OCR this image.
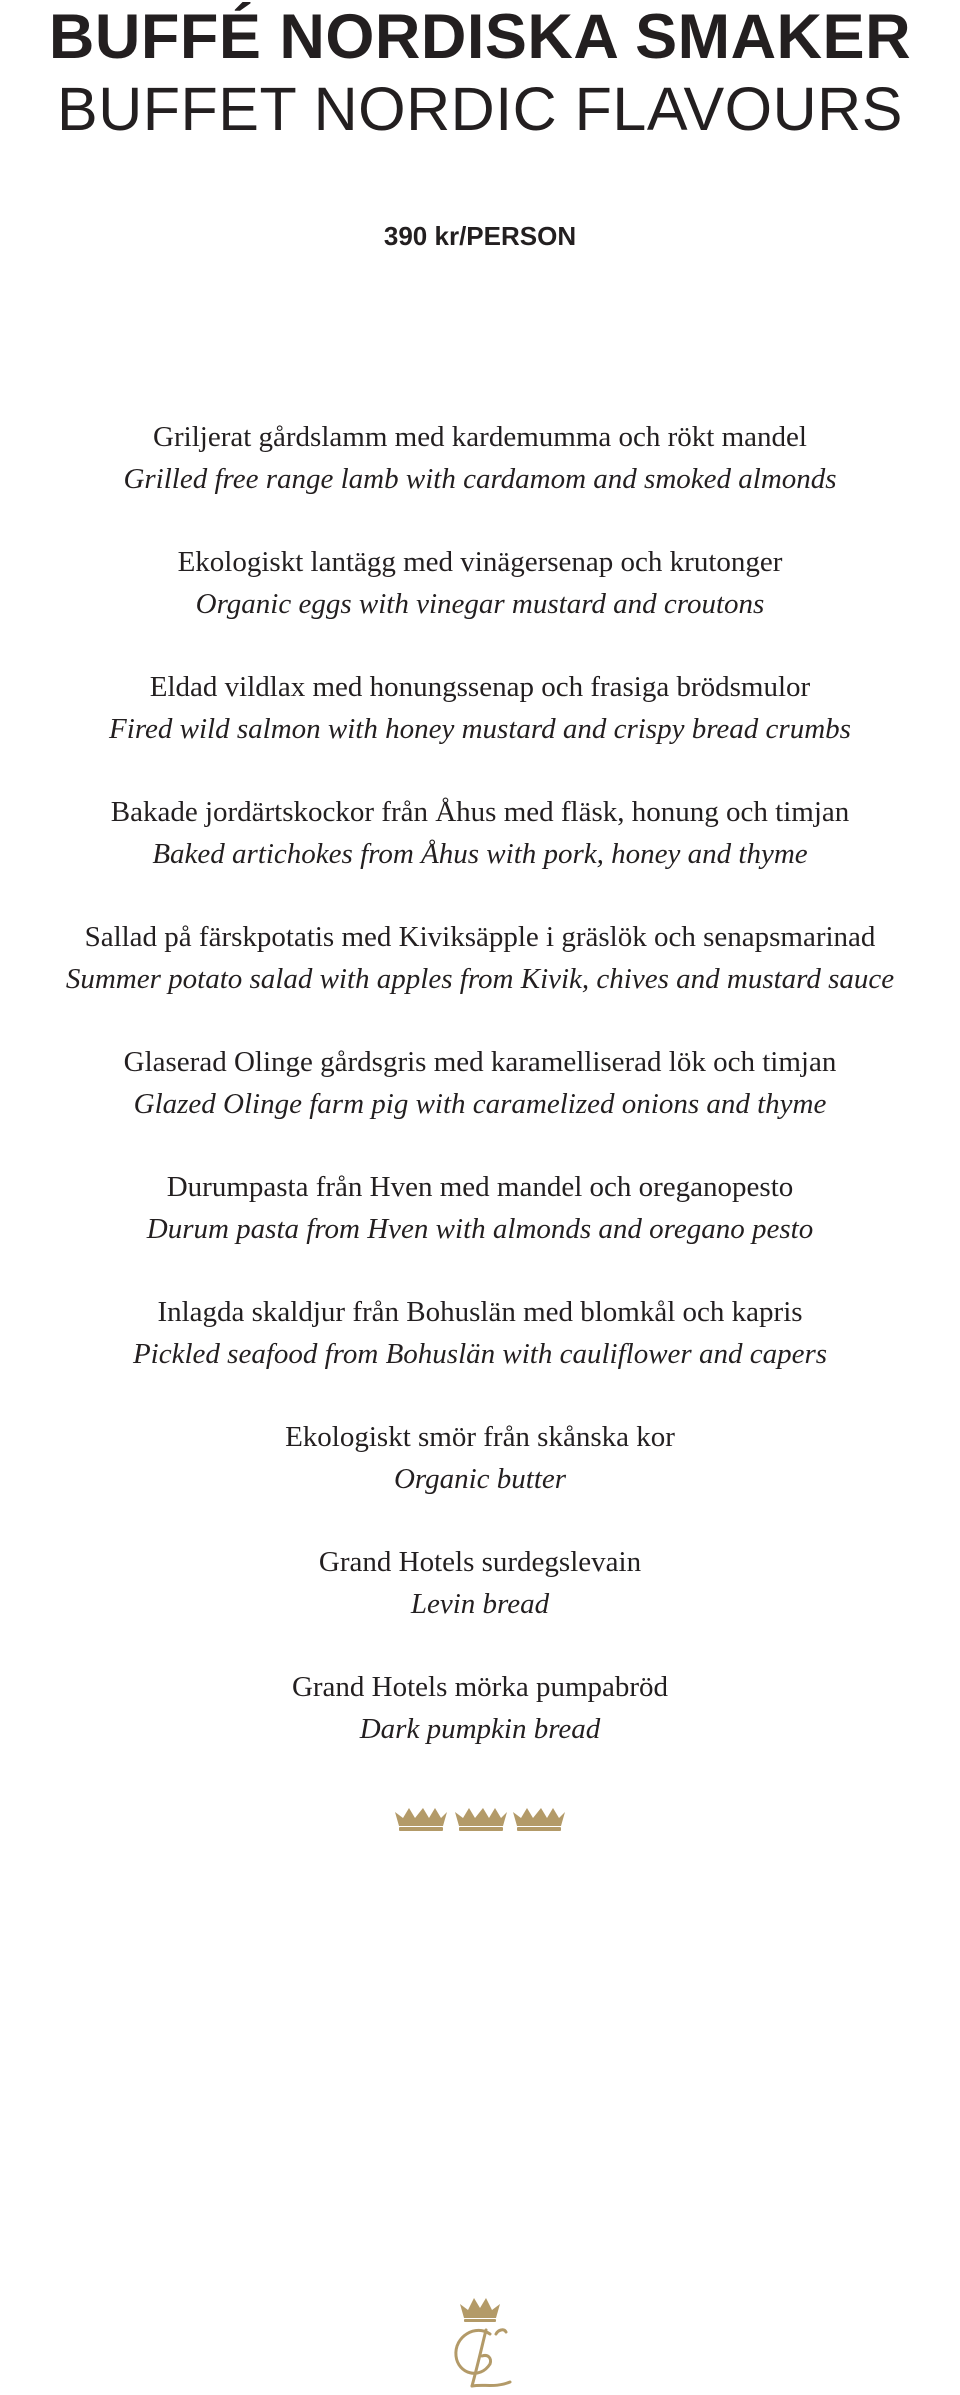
BUFFÉ NORDISKA SMAKER
BUFFET NORDIC FLAVOURS
390 kr/PERSON
Griljerat gårdslamm med kardemumma och rökt mandel
Grilled free range lamb with cardamom and smoked almonds
Ekologiskt lantägg med vinägersenap och krutonger
Organic eggs with vinegar mustard and croutons
Eldad vildlax med honungssenap och frasiga brödsmulor
Fired wild salmon with honey mustard and crispy bread crumbs
Bakade jordärtskockor från Åhus med fläsk, honung och timjan
Baked artichokes from Åhus with pork, honey and thyme
Sallad på färskpotatis med Kiviksäpple i gräslök och senapsmarinad
Summer potato salad with apples from Kivik, chives and mustard sauce
Glaserad Olinge gårdsgris med karamelliserad lök och timjan
Glazed Olinge farm pig with caramelized onions and thyme
Durumpasta från Hven med mandel och oreganopesto
Durum pasta from Hven with almonds and oregano pesto
Inlagda skaldjur från Bohuslän med blomkål och kapris
Pickled seafood from Bohuslän with cauliflower and capers
Ekologiskt smör från skånska kor
Organic butter
Grand Hotels surdegslevain
Levin bread
Grand Hotels mörka pumpabröd
Dark pumpkin bread
